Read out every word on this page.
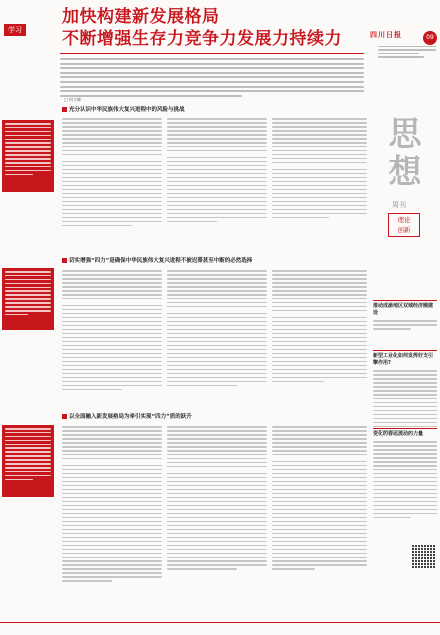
学习
加快构建新发展格局
不断增强生存力竞争力发展力持续力
□ 何立峰
四川日报	09
思想
周刊
理论
创新
充分认识中华民族伟大复兴进程中的风险与挑战
切实增强“四力”是确保中华民族伟大复兴进程不被迟滞甚至中断的必然选择
以全面融入新发展格局为牵引实现“四力”质的跃升
推动成渝地区双城经济圈建设
新型工业化如何发挥好支引擎作用?
变化的春运流动的力量
